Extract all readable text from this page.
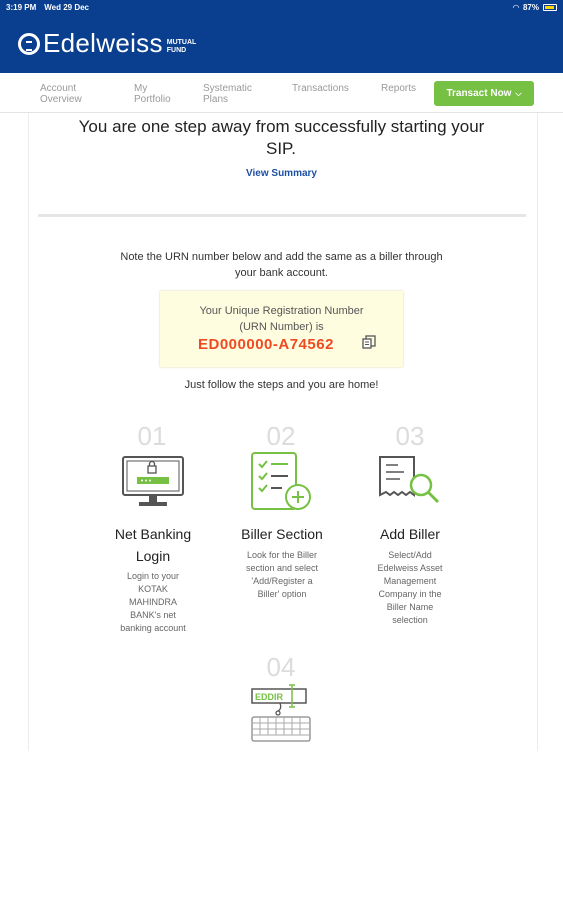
3:19 PM Wed 29 Dec	◠ 87%
Edelweiss MUTUAL
FUND
Account
Overview
My
Portfolio
Systematic
Plans
Transactions	Reports	Transact Now ⌵
You are one step away from successfully starting your
SIP.
View Summary
Note the URN number below and add the same as a biller through
your bank account.
Your Unique Registration Number
(URN Number) is
ED000000-A74562
Just follow the steps and you are home!
01
Net Banking
Login
Login to your
KOTAK
MAHINDRA
BANK's net
banking account
02
Biller Section
Look for the Biller
section and select
'Add/Register a
Biller' option
03
Add Biller
Select/Add
Edelweiss Asset
Management
Company in the
Biller Name
selection
04
EDDIR
